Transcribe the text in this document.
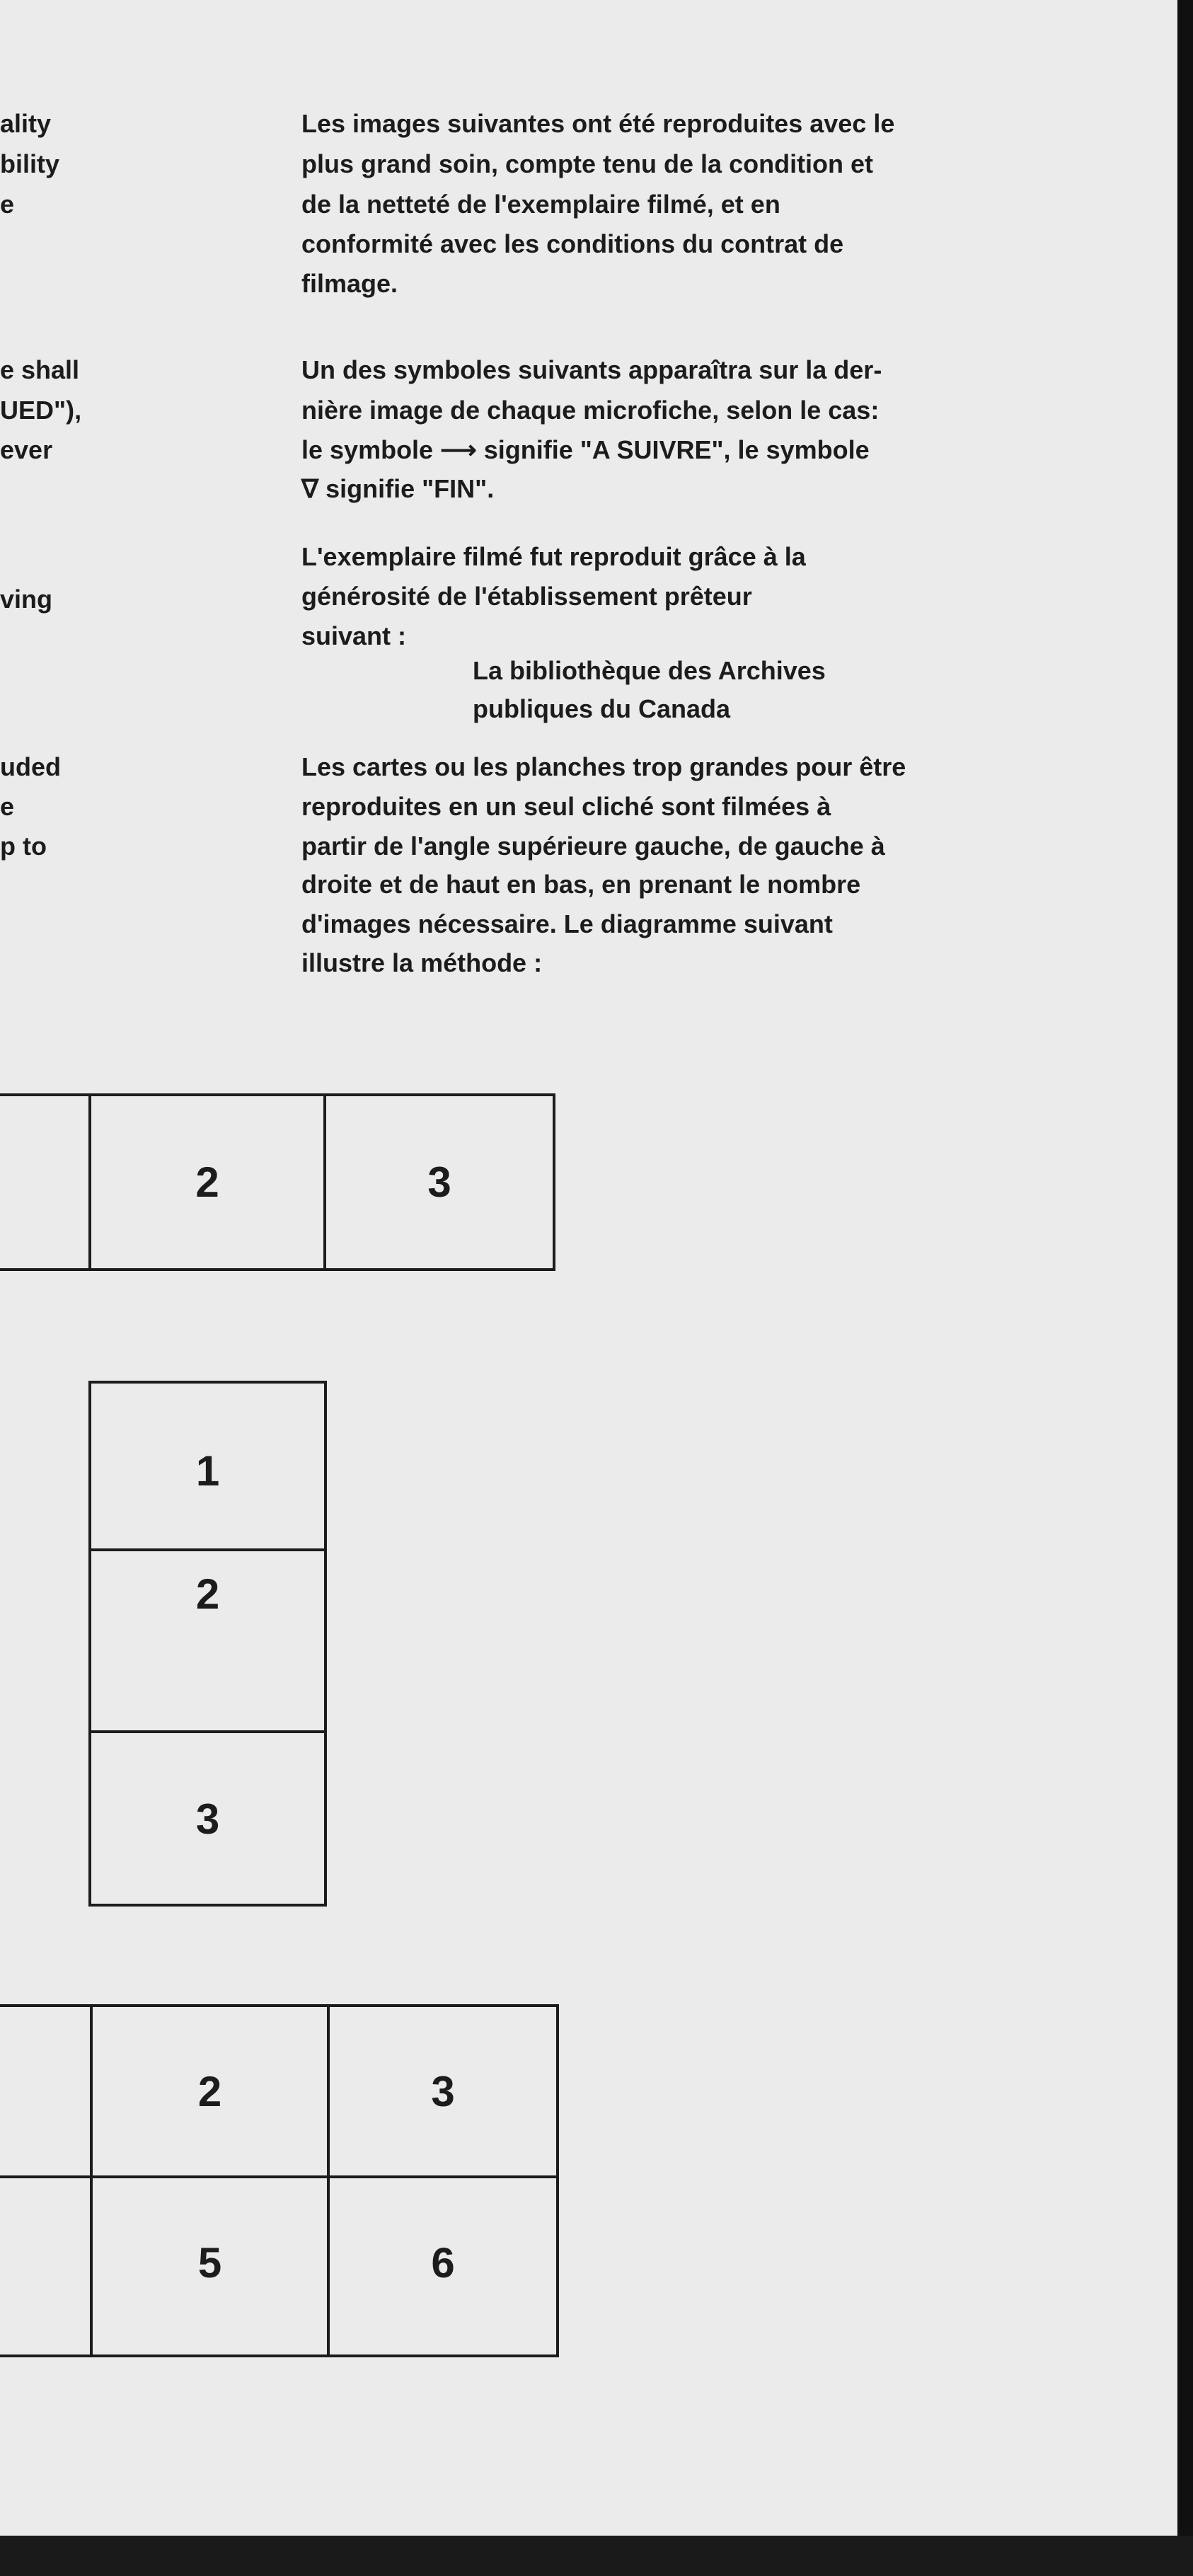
ality
bility
e
e shall
UED"),
ever
ving
uded
e
p to
Les images suivantes ont été reproduites avec le
plus grand soin, compte tenu de la condition et
de la netteté de l'exemplaire filmé, et en
conformité avec les conditions du contrat de
filmage.
Un des symboles suivants apparaîtra sur la der-
nière image de chaque microfiche, selon le cas:
le symbole ⟶ signifie "A SUIVRE", le symbole
∇ signifie "FIN".
L'exemplaire filmé fut reproduit grâce à la
générosité de l'établissement prêteur
suivant :
La bibliothèque des Archives
publiques du Canada
Les cartes ou les planches trop grandes pour être
reproduites en un seul cliché sont filmées à
partir de l'angle supérieure gauche, de gauche à
droite et de haut en bas, en prenant le nombre
d'images nécessaire. Le diagramme suivant
illustre la méthode :
2	3
1
2
3
2	3
5	6
